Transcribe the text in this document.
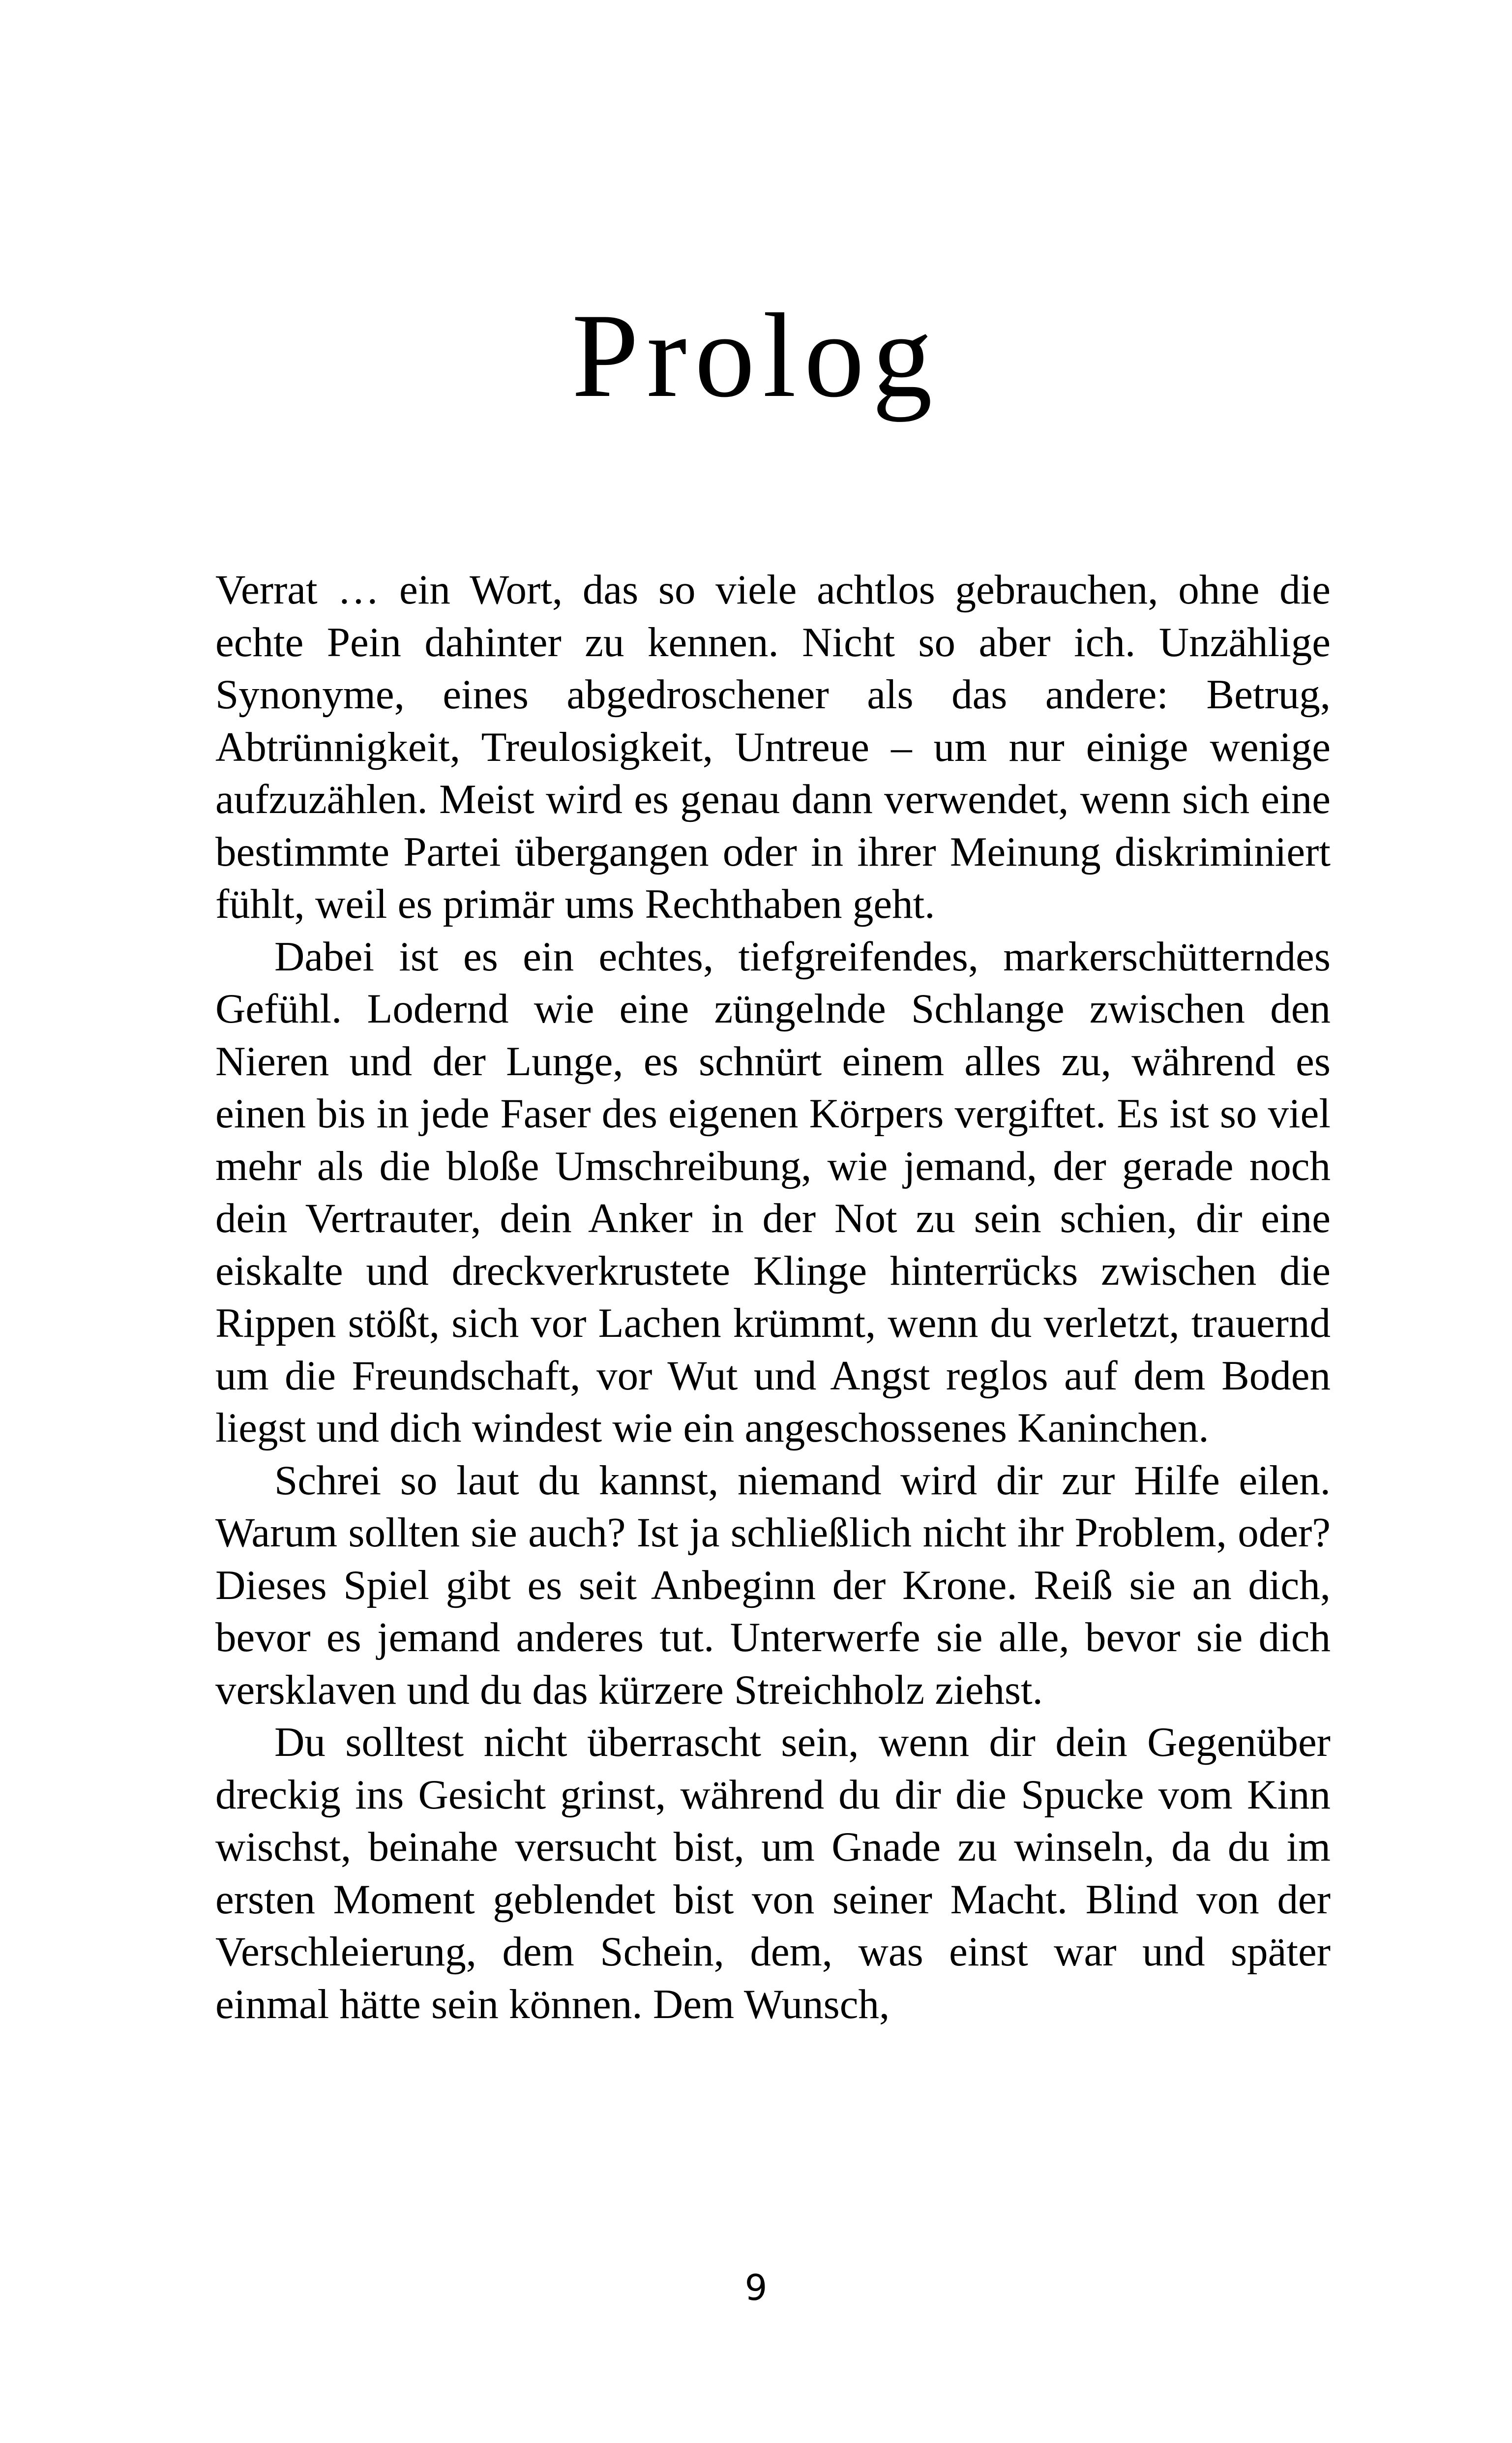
Prolog

Verrat … ein Wort, das so viele achtlos gebrauchen, ohne die echte Pein dahinter zu kennen. Nicht so aber ich. Unzählige Synonyme, eines abgedroschener als das andere: Betrug, Abtrünnigkeit, Treulosigkeit, Untreue – um nur einige wenige aufzuzählen. Meist wird es genau dann verwendet, wenn sich eine bestimmte Partei übergangen oder in ihrer Meinung diskriminiert fühlt, weil es primär ums Rechthaben geht.

Dabei ist es ein echtes, tiefgreifendes, markerschütterndes Gefühl. Lodernd wie eine züngelnde Schlange zwischen den Nieren und der Lunge, es schnürt einem alles zu, während es einen bis in jede Faser des eigenen Körpers vergiftet. Es ist so viel mehr als die bloße Umschreibung, wie jemand, der gerade noch dein Vertrauter, dein Anker in der Not zu sein schien, dir eine eiskalte und dreckverkrustete Klinge hinterrücks zwischen die Rippen stößt, sich vor Lachen krümmt, wenn du verletzt, trauernd um die Freundschaft, vor Wut und Angst reglos auf dem Boden liegst und dich windest wie ein angeschossenes Kaninchen.

Schrei so laut du kannst, niemand wird dir zur Hilfe eilen. Warum sollten sie auch? Ist ja schließlich nicht ihr Problem, oder? Dieses Spiel gibt es seit Anbeginn der Krone. Reiß sie an dich, bevor es jemand anderes tut. Unterwerfe sie alle, bevor sie dich versklaven und du das kürzere Streichholz ziehst.

Du solltest nicht überrascht sein, wenn dir dein Gegenüber dreckig ins Gesicht grinst, während du dir die Spucke vom Kinn wischst, beinahe versucht bist, um Gnade zu winseln, da du im ersten Moment geblendet bist von seiner Macht. Blind von der Verschleierung, dem Schein, dem, was einst war und später einmal hätte sein können. Dem Wunsch,

9
